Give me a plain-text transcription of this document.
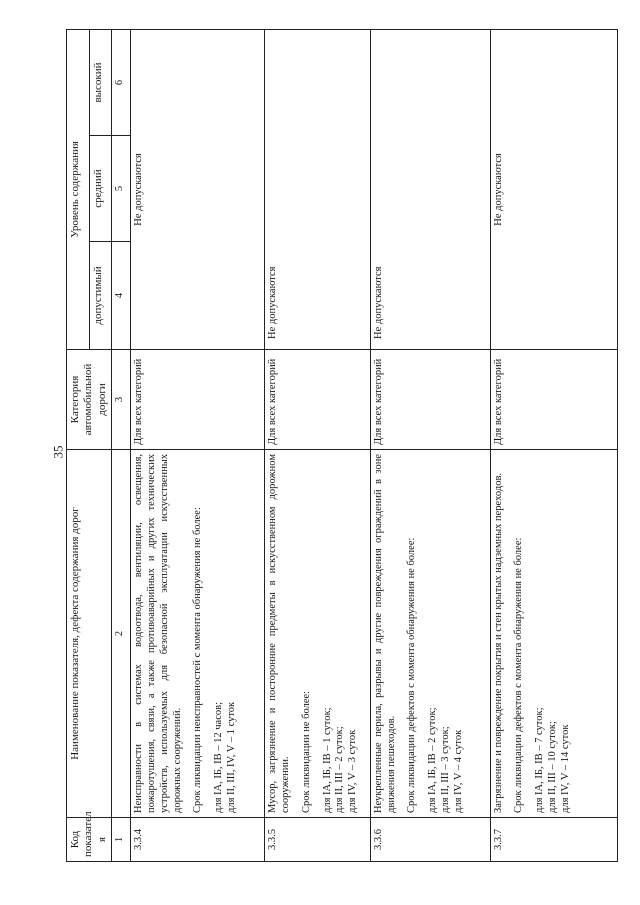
35
Код показател я	Наименование показателя, дефекта содержания дорог	Категория автомобильной дороги	Уровень содержания		
			допустимый	средний	высокий
1	2	3	4	5	6
3.3.4	Неисправности в системах водоотвода, вентиляции, освещения, пожаротушения, связи, а также противоаварийных и других технических устройств, используемых для безопасной эксплуатации искусственных дорожных сооружений. Срок ликвидации неисправностей с момента обнаружения не более: для IA, IБ, IB – 12 часов; для II, III, IV, V – 1 суток	Для всех категорий	Не допускаются		
3.3.5	Мусор, загрязнение и посторонние предметы в искусственном дорожном сооружении. Срок ликвидации не более: для IA, IБ, IB – 1 суток; для II, III – 2 суток; для IV, V – 3 суток	Для всех категорий	Не допускаются		
3.3.6	Неукрепленные перила, разрывы и другие повреждения ограждений в зоне движения пешеходов. Срок ликвидации дефектов с момента обнаружения не более: для IA, IБ, IB – 2 суток; для II, III – 3 суток; для IV, V – 4 суток	Для всех категорий	Не допускаются		
3.3.7	Загрязнение и повреждение покрытия и стен крытых надземных переходов. Срок ликвидации дефектов с момента обнаружения не более: для IA, IБ, IB – 7 суток; для II, III – 10 суток; для IV, V – 14 суток	Для всех категорий	Не допускаются		
